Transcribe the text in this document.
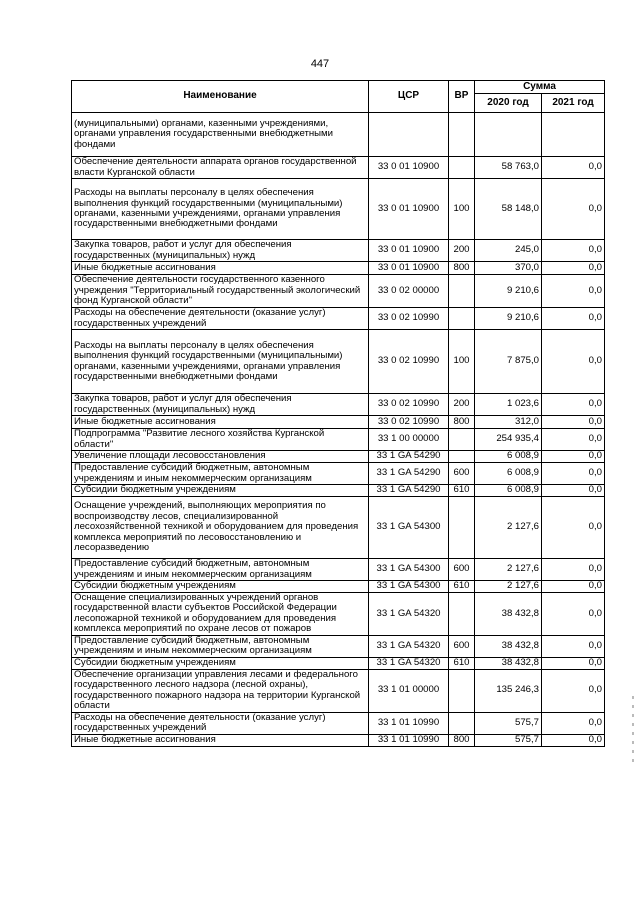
447
Наименование	ЦСР	ВР	Сумма	
			2020 год	2021 год
(муниципальными) органами, казенными учреждениями, органами управления государственными внебюджетными фондами				
Обеспечение деятельности аппарата органов государственной власти Курганской области	33 0 01 10900		58 763,0	0,0
Расходы на выплаты персоналу в целях обеспечения выполнения функций государственными (муниципальными) органами, казенными учреждениями, органами управления государственными внебюджетными фондами	33 0 01 10900	100	58 148,0	0,0
Закупка товаров, работ и услуг для обеспечения государственных (муниципальных) нужд	33 0 01 10900	200	245,0	0,0
Иные бюджетные ассигнования	33 0 01 10900	800	370,0	0,0
Обеспечение деятельности государственного казенного учреждения "Территориальный государственный экологический фонд Курганской области"	33 0 02 00000		9 210,6	0,0
Расходы на обеспечение деятельности (оказание услуг) государственных учреждений	33 0 02 10990		9 210,6	0,0
Расходы на выплаты персоналу в целях обеспечения выполнения функций государственными (муниципальными) органами, казенными учреждениями, органами управления государственными внебюджетными фондами	33 0 02 10990	100	7 875,0	0,0
Закупка товаров, работ и услуг для обеспечения государственных (муниципальных) нужд	33 0 02 10990	200	1 023,6	0,0
Иные бюджетные ассигнования	33 0 02 10990	800	312,0	0,0
Подпрограмма "Развитие лесного хозяйства Курганской области"	33 1 00 00000		254 935,4	0,0
Увеличение площади лесовосстановления	33 1 GA 54290		6 008,9	0,0
Предоставление субсидий бюджетным, автономным учреждениям и иным некоммерческим организациям	33 1 GA 54290	600	6 008,9	0,0
Субсидии бюджетным учреждениям	33 1 GA 54290	610	6 008,9	0,0
Оснащение учреждений, выполняющих мероприятия по воспроизводству лесов, специализированной лесохозяйственной техникой и оборудованием для проведения комплекса мероприятий по лесовосстановлению и лесоразведению	33 1 GA 54300		2 127,6	0,0
Предоставление субсидий бюджетным, автономным учреждениям и иным некоммерческим организациям	33 1 GA 54300	600	2 127,6	0,0
Субсидии бюджетным учреждениям	33 1 GA 54300	610	2 127,6	0,0
Оснащение специализированных учреждений органов государственной власти субъектов Российской Федерации лесопожарной техникой и оборудованием для проведения комплекса мероприятий по охране лесов от пожаров	33 1 GA 54320		38 432,8	0,0
Предоставление субсидий бюджетным, автономным учреждениям и иным некоммерческим организациям	33 1 GA 54320	600	38 432,8	0,0
Субсидии бюджетным учреждениям	33 1 GA 54320	610	38 432,8	0,0
Обеспечение организации управления лесами и федерального государственного лесного надзора (лесной охраны), государственного пожарного надзора на территории Курганской области	33 1 01 00000		135 246,3	0,0
Расходы на обеспечение деятельности (оказание услуг) государственных учреждений	33 1 01 10990		575,7	0,0
Иные бюджетные ассигнования	33 1 01 10990	800	575,7	0,0
